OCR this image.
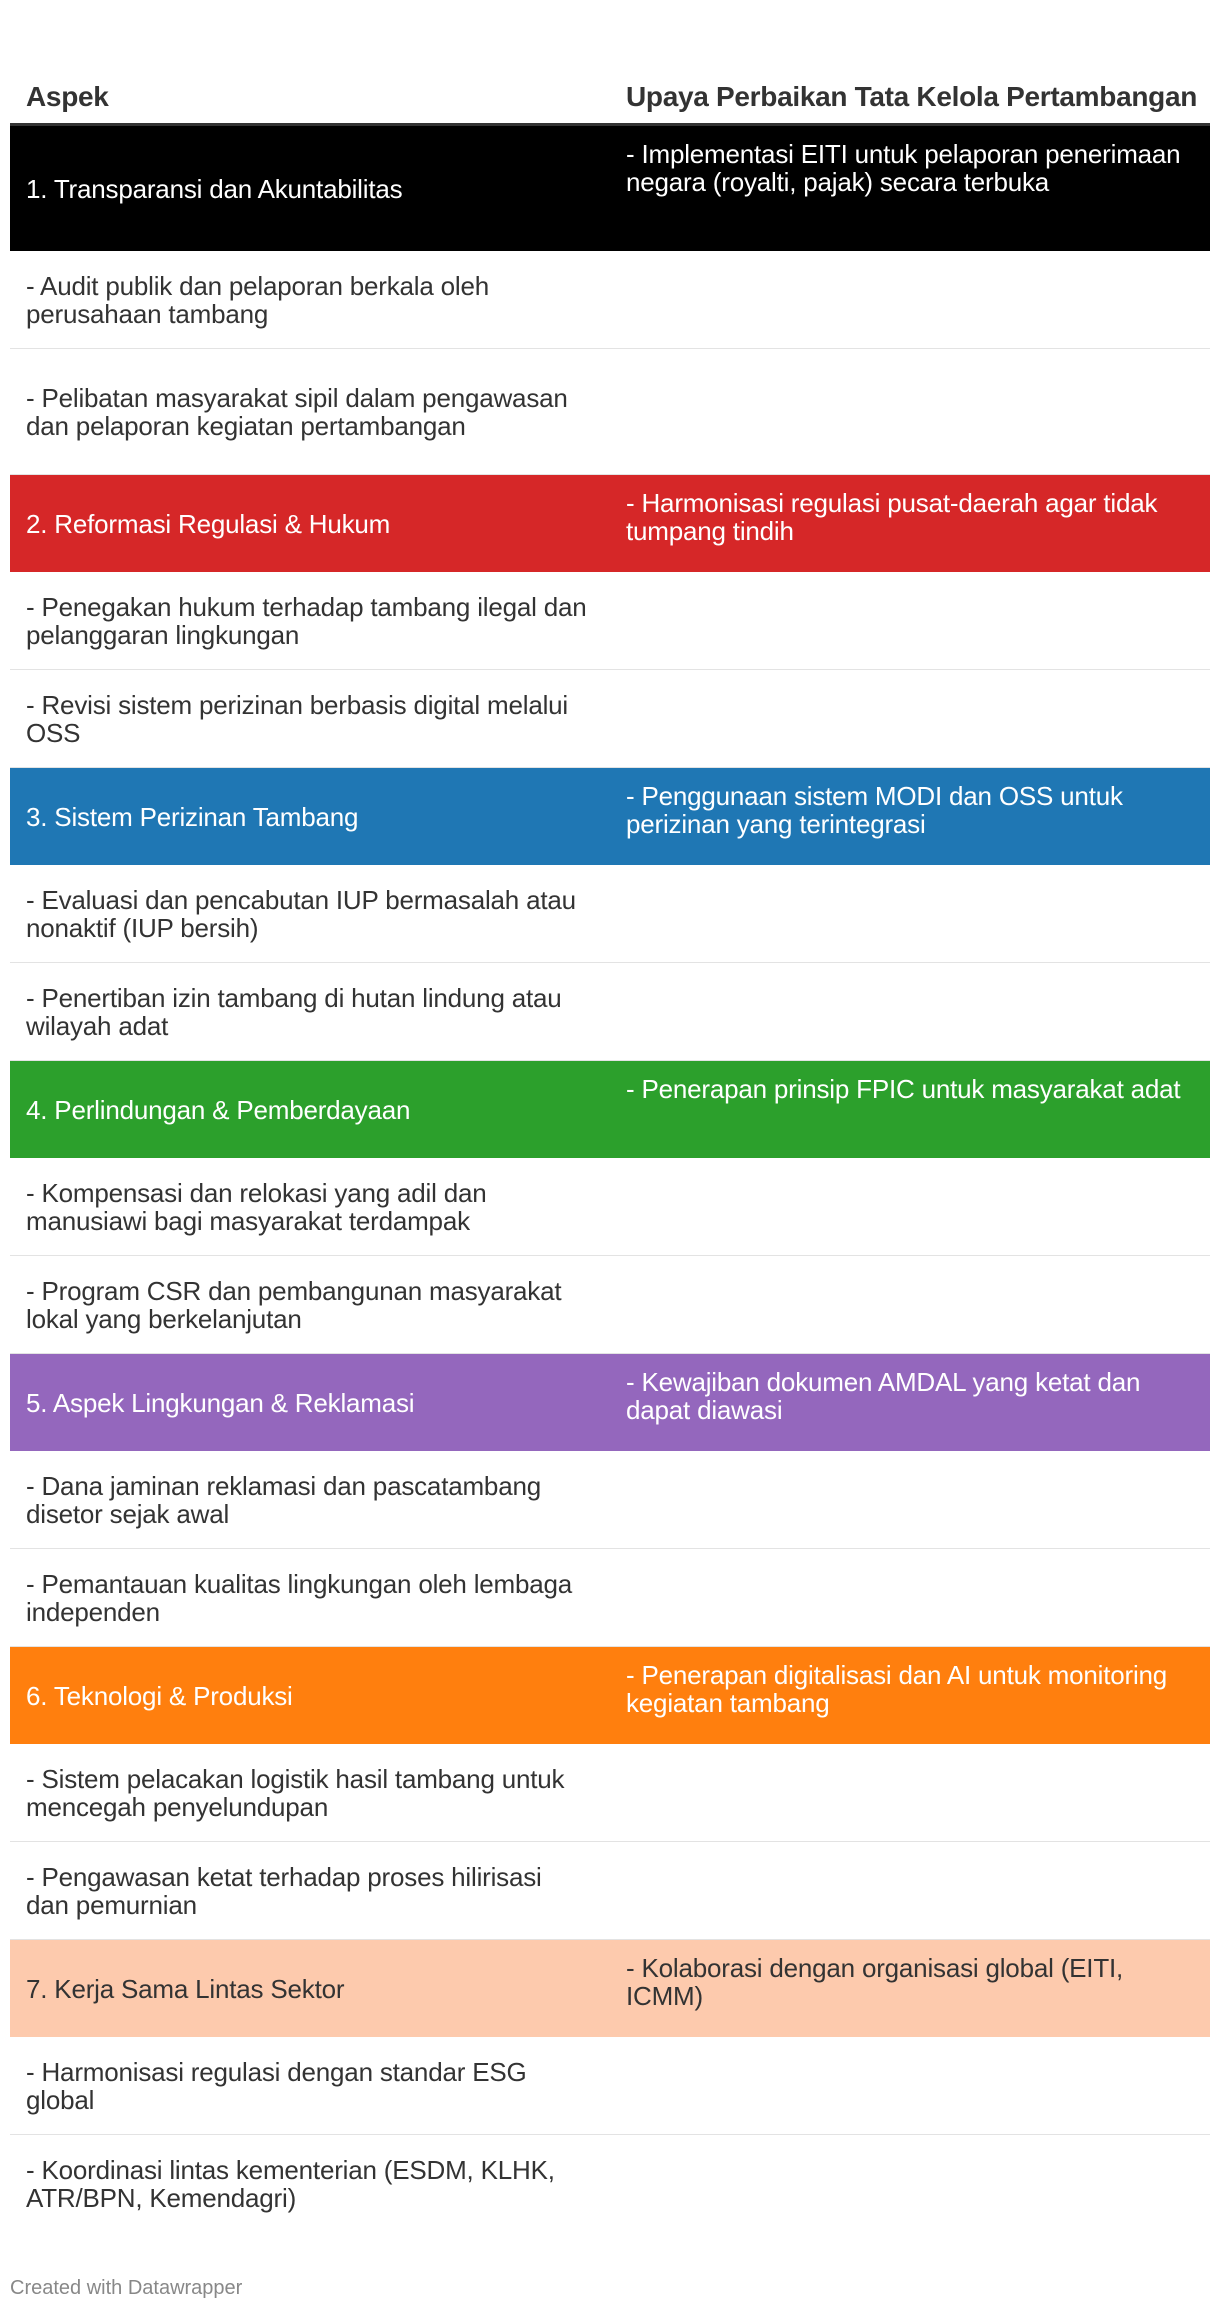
Aspek	Upaya Perbaikan Tata Kelola Pertambangan
1. Transparansi dan Akuntabilitas
- Implementasi EITI untuk pelaporan penerimaan negara (royalti, pajak) secara terbuka
- Audit publik dan pelaporan berkala oleh perusahaan tambang
- Pelibatan masyarakat sipil dalam pengawasan dan pelaporan kegiatan pertambangan
2. Reformasi Regulasi & Hukum
- Harmonisasi regulasi pusat-daerah agar tidak tumpang tindih
- Penegakan hukum terhadap tambang ilegal dan pelanggaran lingkungan
- Revisi sistem perizinan berbasis digital melalui OSS
3. Sistem Perizinan Tambang
- Penggunaan sistem MODI dan OSS untuk perizinan yang terintegrasi
- Evaluasi dan pencabutan IUP bermasalah atau nonaktif (IUP bersih)
- Penertiban izin tambang di hutan lindung atau wilayah adat
4. Perlindungan & Pemberdayaan
- Penerapan prinsip FPIC untuk masyarakat adat
- Kompensasi dan relokasi yang adil dan manusiawi bagi masyarakat terdampak
- Program CSR dan pembangunan masyarakat lokal yang berkelanjutan
5. Aspek Lingkungan & Reklamasi
- Kewajiban dokumen AMDAL yang ketat dan dapat diawasi
- Dana jaminan reklamasi dan pascatambang disetor sejak awal
- Pemantauan kualitas lingkungan oleh lembaga independen
6. Teknologi & Produksi
- Penerapan digitalisasi dan AI untuk monitoring kegiatan tambang
- Sistem pelacakan logistik hasil tambang untuk mencegah penyelundupan
- Pengawasan ketat terhadap proses hilirisasi dan pemurnian
7. Kerja Sama Lintas Sektor
- Kolaborasi dengan organisasi global (EITI, ICMM)
- Harmonisasi regulasi dengan standar ESG global
- Koordinasi lintas kementerian (ESDM, KLHK, ATR/BPN, Kemendagri)
Created with Datawrapper
